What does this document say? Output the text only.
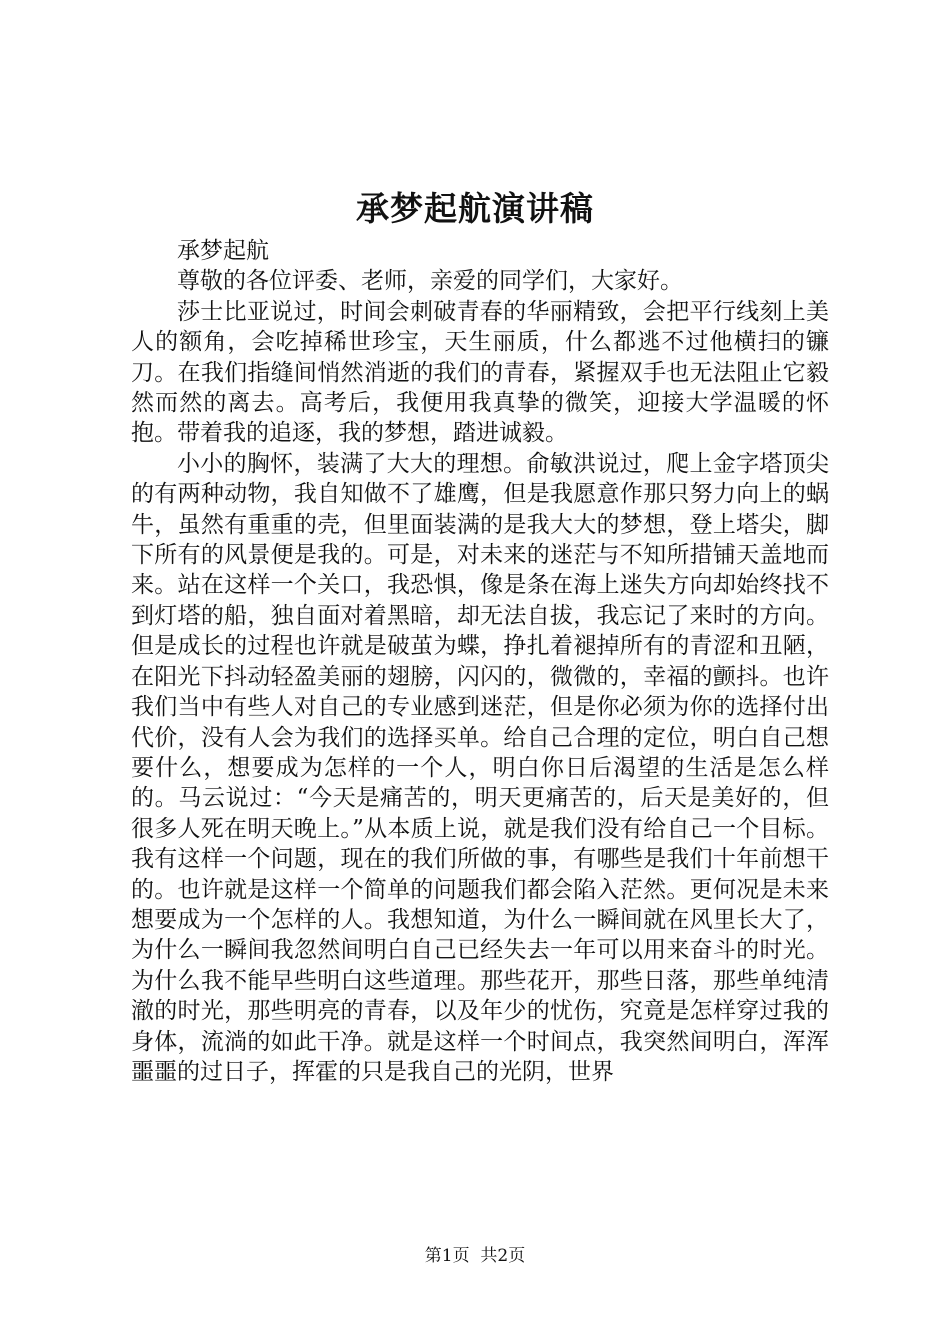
承梦起航演讲稿

承梦起航

尊敬的各位评委、老师，亲爱的同学们，大家好。

莎士比亚说过，时间会刺破青春的华丽精致，会把平行线刻上美人的额角，会吃掉稀世珍宝，天生丽质，什么都逃不过他横扫的镰刀。在我们指缝间悄然消逝的我们的青春，紧握双手也无法阻止它毅然而然的离去。高考后，我便用我真挚的微笑，迎接大学温暖的怀抱。带着我的追逐，我的梦想，踏进诚毅。

小小的胸怀，装满了大大的理想。俞敏洪说过，爬上金字塔顶尖的有两种动物，我自知做不了雄鹰，但是我愿意作那只努力向上的蜗牛，虽然有重重的壳，但里面装满的是我大大的梦想，登上塔尖，脚下所有的风景便是我的。可是，对未来的迷茫与不知所措铺天盖地而来。站在这样一个关口，我恐惧，像是条在海上迷失方向却始终找不到灯塔的船，独自面对着黑暗，却无法自拔，我忘记了来时的方向。但是成长的过程也许就是破茧为蝶，挣扎着褪掉所有的青涩和丑陋，在阳光下抖动轻盈美丽的翅膀，闪闪的，微微的，幸福的颤抖。也许我们当中有些人对自己的专业感到迷茫，但是你必须为你的选择付出代价，没有人会为我们的选择买单。给自己合理的定位，明白自己想要什么，想要成为怎样的一个人，明白你日后渴望的生活是怎么样的。马云说过：“今天是痛苦的，明天更痛苦的，后天是美好的，但很多人死在明天晚上。”从本质上说，就是我们没有给自己一个目标。我有这样一个问题，现在的我们所做的事，有哪些是我们十年前想干的。也许就是这样一个简单的问题我们都会陷入茫然。更何况是未来想要成为一个怎样的人。我想知道，为什么一瞬间就在风里长大了，为什么一瞬间我忽然间明白自己已经失去一年可以用来奋斗的时光。为什么我不能早些明白这些道理。那些花开，那些日落，那些单纯清澈的时光，那些明亮的青春，以及年少的忧伤，究竟是怎样穿过我的身体，流淌的如此干净。就是这样一个时间点，我突然间明白，浑浑噩噩的过日子，挥霍的只是我自己的光阴，世界

第1页  共2页
